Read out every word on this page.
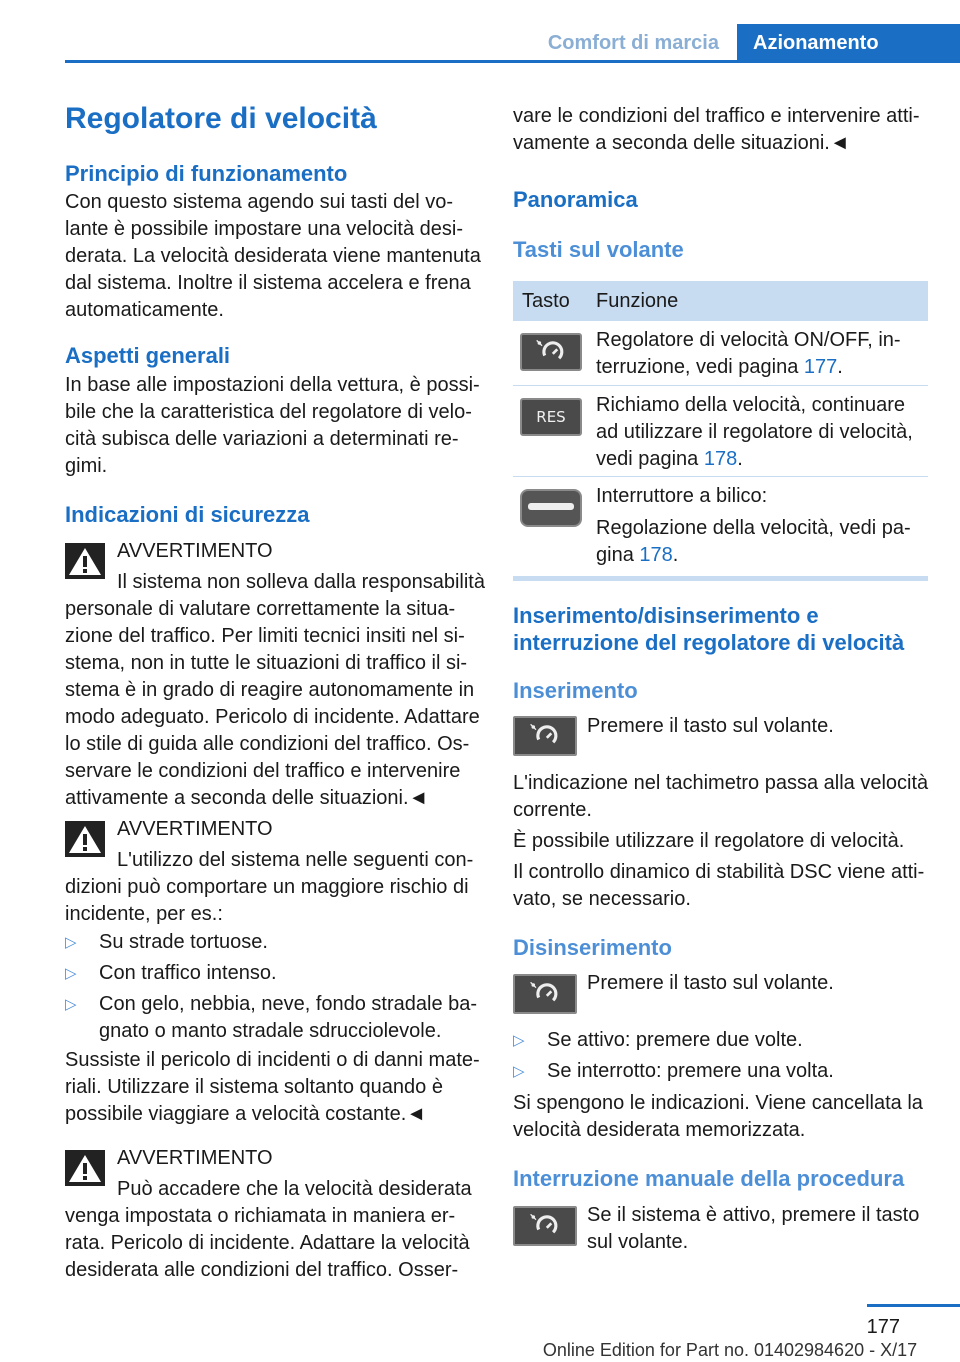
Comfort di marcia	Azionamento
Regolatore di velocità
Principio di funzionamento
Con questo sistema agendo sui tasti del vo-
lante è possibile impostare una velocità desi-
derata. La velocità desiderata viene mantenuta
dal sistema. Inoltre il sistema accelera e frena
automaticamente.
Aspetti generali
In base alle impostazioni della vettura, è possi-
bile che la caratteristica del regolatore di velo-
cità subisca delle variazioni a determinati re-
gimi.
Indicazioni di sicurezza
AVVERTIMENTO
Il sistema non solleva dalla responsabilità
personale di valutare correttamente la situa-
zione del traffico. Per limiti tecnici insiti nel si-
stema, non in tutte le situazioni di traffico il si-
stema è in grado di reagire autonomamente in
modo adeguato. Pericolo di incidente. Adattare
lo stile di guida alle condizioni del traffico. Os-
servare le condizioni del traffico e intervenire
attivamente a seconda delle situazioni.◄
AVVERTIMENTO
L'utilizzo del sistema nelle seguenti con-
dizioni può comportare un maggiore rischio di
incidente, per es.:
▷	Su strade tortuose.
▷	Con traffico intenso.
▷	Con gelo, nebbia, neve, fondo stradale ba-
gnato o manto stradale sdrucciolevole.
Sussiste il pericolo di incidenti o di danni mate-
riali. Utilizzare il sistema soltanto quando è
possibile viaggiare a velocità costante.◄
AVVERTIMENTO
Può accadere che la velocità desiderata
venga impostata o richiamata in maniera er-
rata. Pericolo di incidente. Adattare la velocità
desiderata alle condizioni del traffico. Osser-
vare le condizioni del traffico e intervenire atti-
vamente a seconda delle situazioni.◄
Panoramica
Tasti sul volante
Tasto	Funzione
Regolatore di velocità ON/OFF, in-
terruzione, vedi pagina 177.
RES
Richiamo della velocità, continuare
ad utilizzare il regolatore di velocità,
vedi pagina 178.
Interruttore a bilico:
Regolazione della velocità, vedi pa-
gina 178.
Inserimento/disinserimento e
interruzione del regolatore di velocità
Inserimento
Premere il tasto sul volante.
L'indicazione nel tachimetro passa alla velocità
corrente.
È possibile utilizzare il regolatore di velocità.
Il controllo dinamico di stabilità DSC viene atti-
vato, se necessario.
Disinserimento
Premere il tasto sul volante.
▷	Se attivo: premere due volte.
▷	Se interrotto: premere una volta.
Si spengono le indicazioni. Viene cancellata la
velocità desiderata memorizzata.
Interruzione manuale della procedura
Se il sistema è attivo, premere il tasto
sul volante.
177
Online Edition for Part no. 01402984620 - X/17
